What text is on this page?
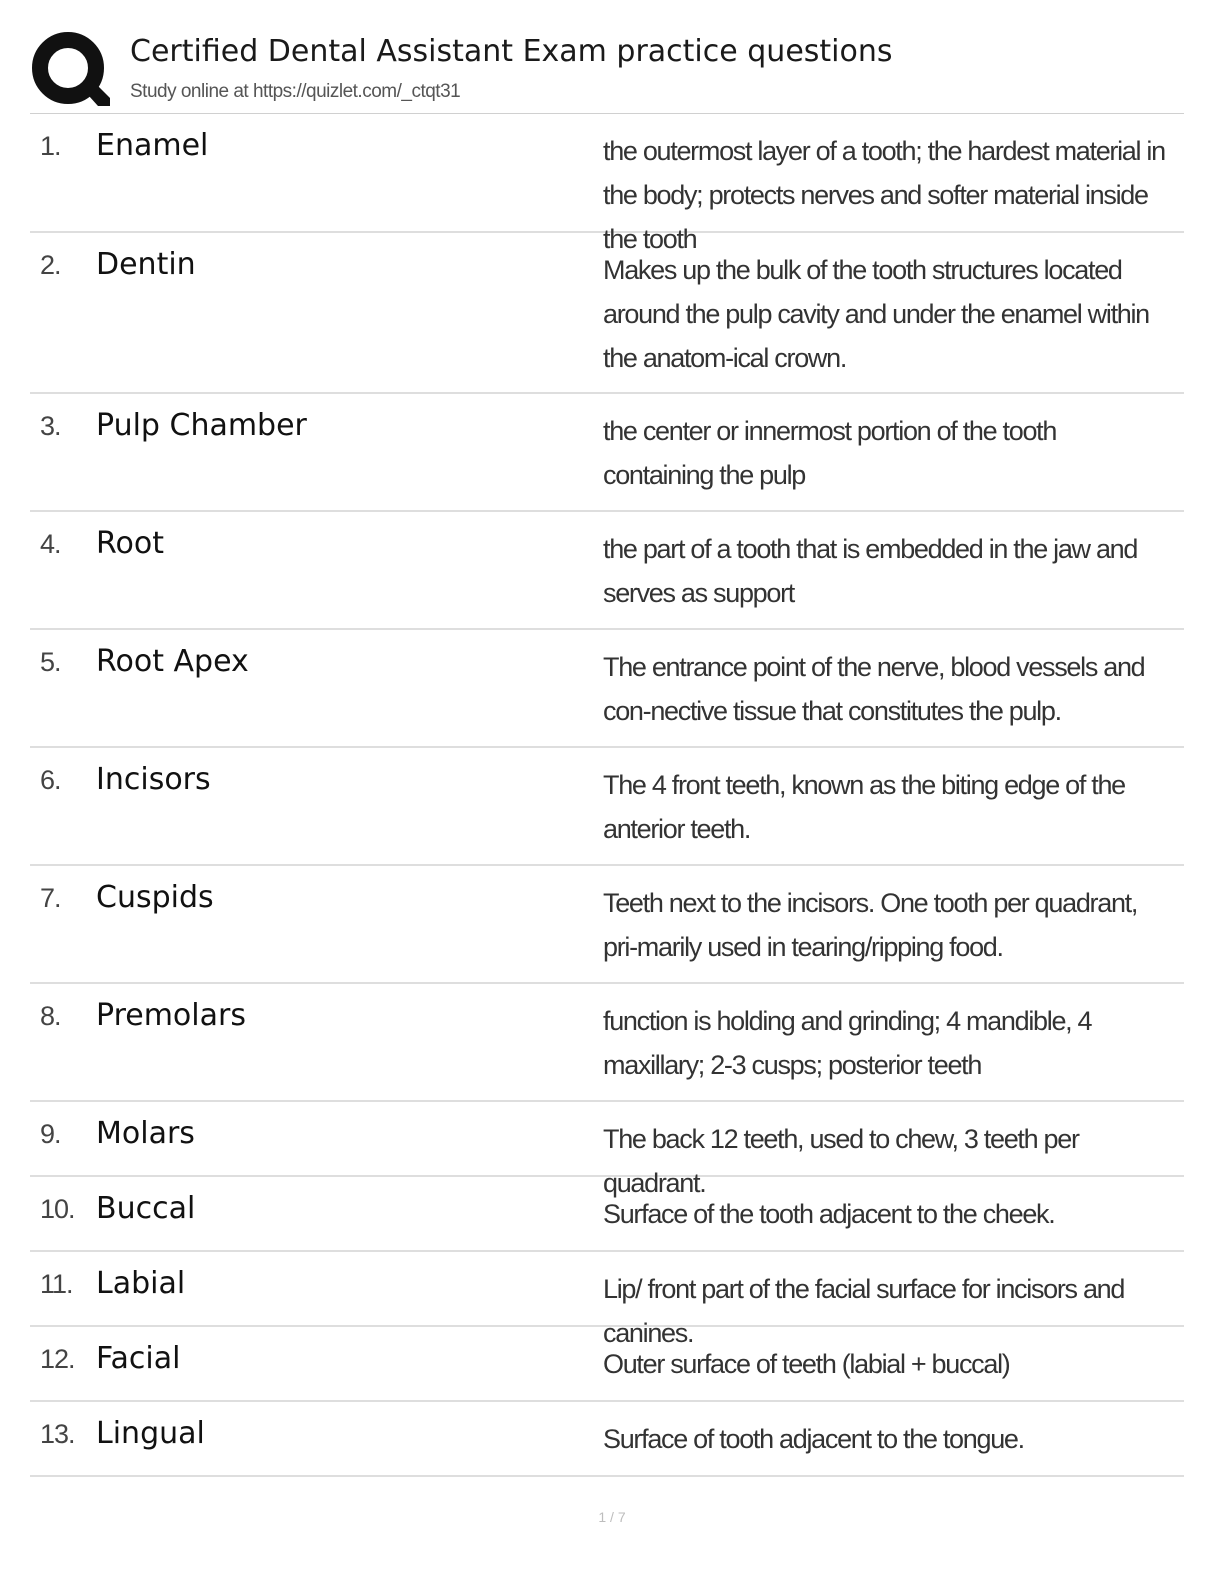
Certified Dental Assistant Exam practice questions
Study online at https://quizlet.com/_ctqt31
1. Enamel	the outermost layer of a tooth; the hardest material in the body; protects nerves and softer material inside the tooth
2. Dentin	Makes up the bulk of the tooth structures located around the pulp cavity and under the enamel within the anatom-ical crown.
3. Pulp Chamber	the center or innermost portion of the tooth containing the pulp
4. Root	the part of a tooth that is embedded in the jaw and serves as support
5. Root Apex	The entrance point of the nerve, blood vessels and con-nective tissue that constitutes the pulp.
6. Incisors	The 4 front teeth, known as the biting edge of the anterior teeth.
7. Cuspids	Teeth next to the incisors. One tooth per quadrant, pri-marily used in tearing/ripping food.
8. Premolars	function is holding and grinding; 4 mandible, 4 maxillary; 2-3 cusps; posterior teeth
9. Molars	The back 12 teeth, used to chew, 3 teeth per quadrant.
10. Buccal	Surface of the tooth adjacent to the cheek.
11. Labial	Lip/ front part of the facial surface for incisors and canines.
12. Facial	Outer surface of teeth (labial + buccal)
13. Lingual	Surface of tooth adjacent to the tongue.
1 / 7
